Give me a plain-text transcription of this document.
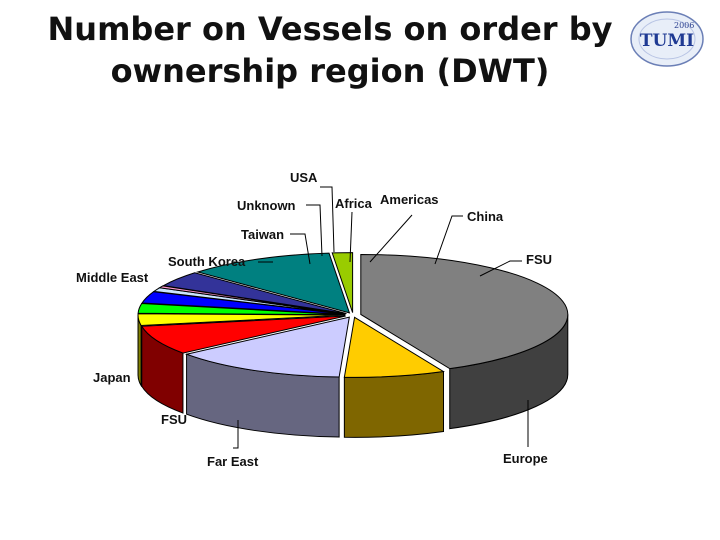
Number on Vessels on order by
ownership region (DWT)
2006
TUMI
USA
Unknown	Africa Americas
China
Taiwan
South Korea	FSU
Middle East
Japan
FSU
Far East	Europe
